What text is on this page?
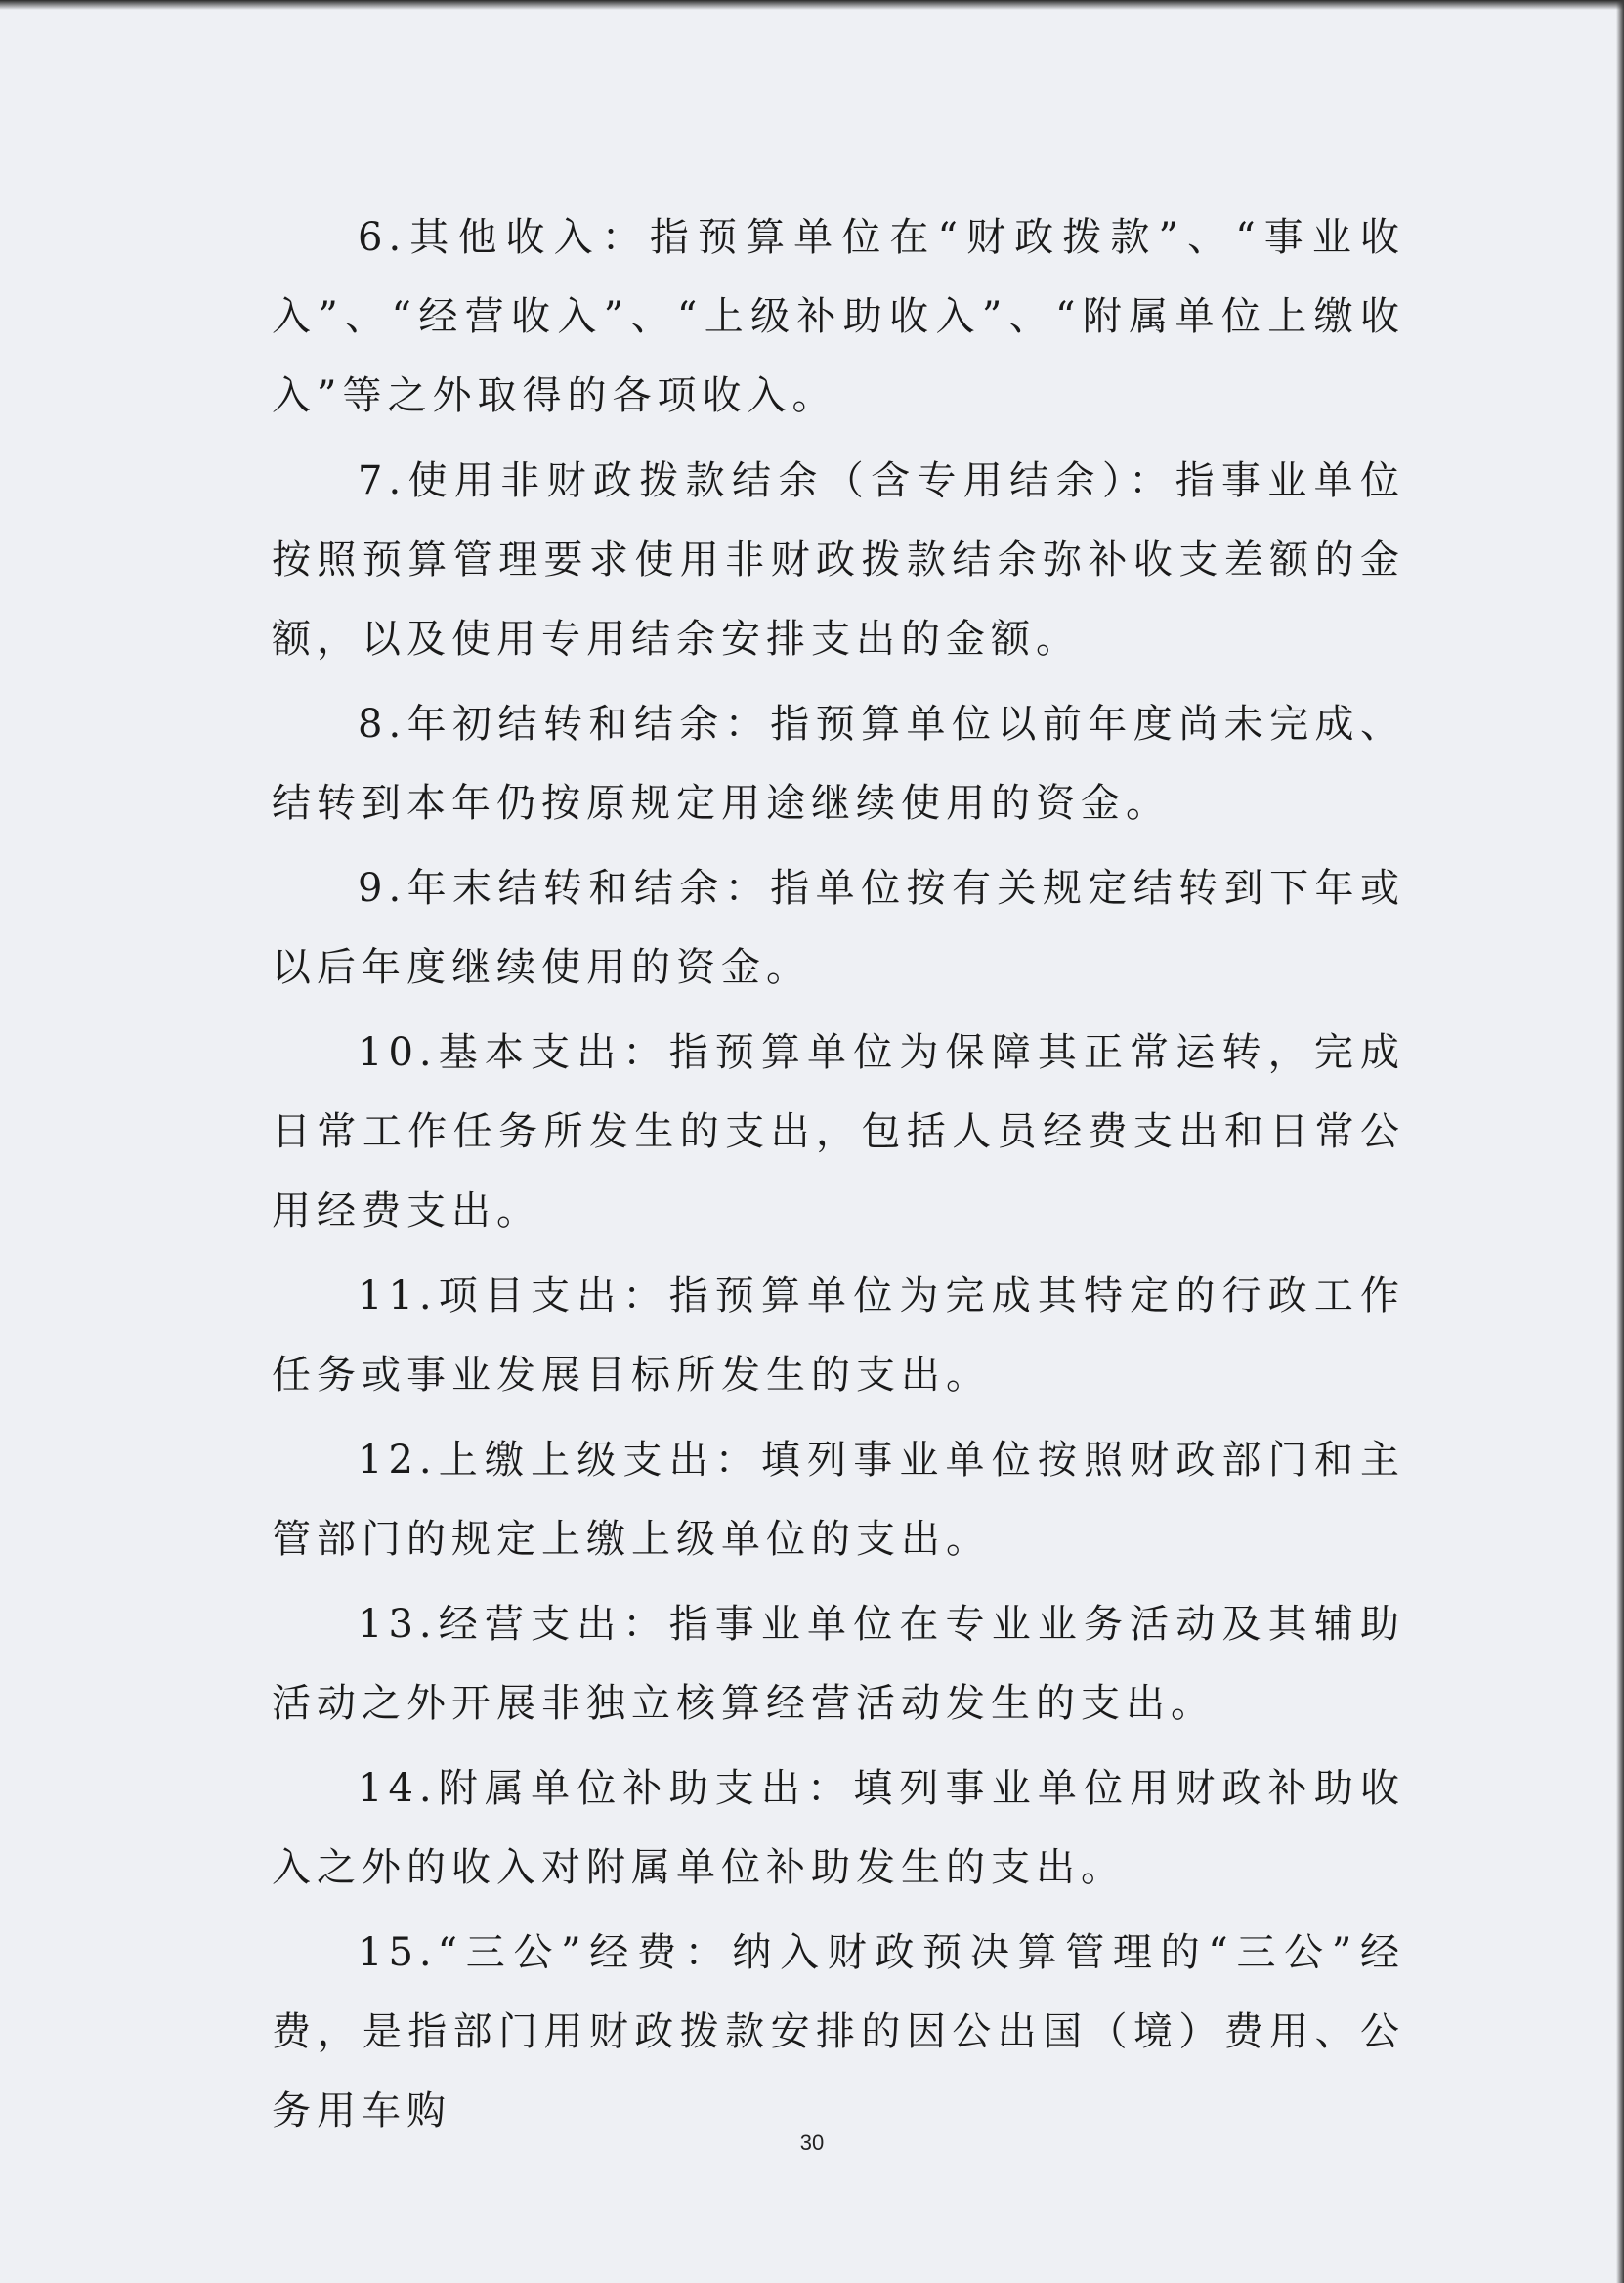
6.其他收入：指预算单位在“财政拨款”、“事业收入”、“经营收入”、“上级补助收入”、“附属单位上缴收入”等之外取得的各项收入。

7.使用非财政拨款结余（含专用结余）：指事业单位按照预算管理要求使用非财政拨款结余弥补收支差额的金额，以及使用专用结余安排支出的金额。

8.年初结转和结余：指预算单位以前年度尚未完成、结转到本年仍按原规定用途继续使用的资金。

9.年末结转和结余：指单位按有关规定结转到下年或以后年度继续使用的资金。

10.基本支出：指预算单位为保障其正常运转，完成日常工作任务所发生的支出，包括人员经费支出和日常公用经费支出。

11.项目支出：指预算单位为完成其特定的行政工作任务或事业发展目标所发生的支出。

12.上缴上级支出：填列事业单位按照财政部门和主管部门的规定上缴上级单位的支出。

13.经营支出：指事业单位在专业业务活动及其辅助活动之外开展非独立核算经营活动发生的支出。

14.附属单位补助支出：填列事业单位用财政补助收入之外的收入对附属单位补助发生的支出。

15.“三公”经费：纳入财政预决算管理的“三公”经费，是指部门用财政拨款安排的因公出国（境）费用、公务用车购

30
